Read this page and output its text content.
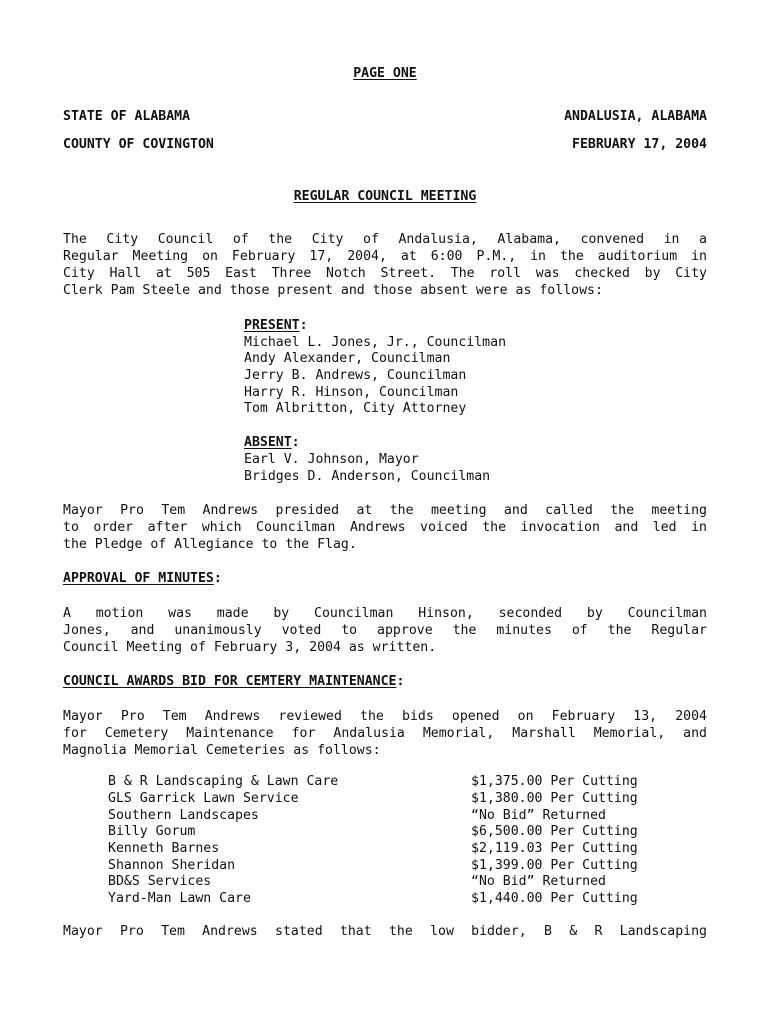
PAGE ONE
STATE OF ALABAMA	ANDALUSIA, ALABAMA
COUNTY OF COVINGTON	FEBRUARY 17, 2004
REGULAR COUNCIL MEETING
The City Council of the City of Andalusia, Alabama, convened in a
Regular Meeting on February 17, 2004, at 6:00 P.M., in the auditorium in
City Hall at 505 East Three Notch Street. The roll was checked by City
Clerk Pam Steele and those present and those absent were as follows:
PRESENT:
Michael L. Jones, Jr., Councilman
Andy Alexander, Councilman
Jerry B. Andrews, Councilman
Harry R. Hinson, Councilman
Tom Albritton, City Attorney
ABSENT:
Earl V. Johnson, Mayor
Bridges D. Anderson, Councilman
Mayor Pro Tem Andrews presided at the meeting and called the meeting
to order after which Councilman Andrews voiced the invocation and led in
the Pledge of Allegiance to the Flag.
APPROVAL OF MINUTES:
A motion was made by Councilman Hinson, seconded by Councilman
Jones, and unanimously voted to approve the minutes of the Regular
Council Meeting of February 3, 2004 as written.
COUNCIL AWARDS BID FOR CEMTERY MAINTENANCE:
Mayor Pro Tem Andrews reviewed the bids opened on February 13, 2004
for Cemetery Maintenance for Andalusia Memorial, Marshall Memorial, and
Magnolia Memorial Cemeteries as follows:
B & R Landscaping & Lawn Care	$1,375.00 Per Cutting
GLS Garrick Lawn Service	$1,380.00 Per Cutting
Southern Landscapes	“No Bid” Returned
Billy Gorum	$6,500.00 Per Cutting
Kenneth Barnes	$2,119.03 Per Cutting
Shannon Sheridan	$1,399.00 Per Cutting
BD&S Services	“No Bid” Returned
Yard-Man Lawn Care	$1,440.00 Per Cutting
Mayor Pro Tem Andrews stated that the low bidder, B & R Landscaping
